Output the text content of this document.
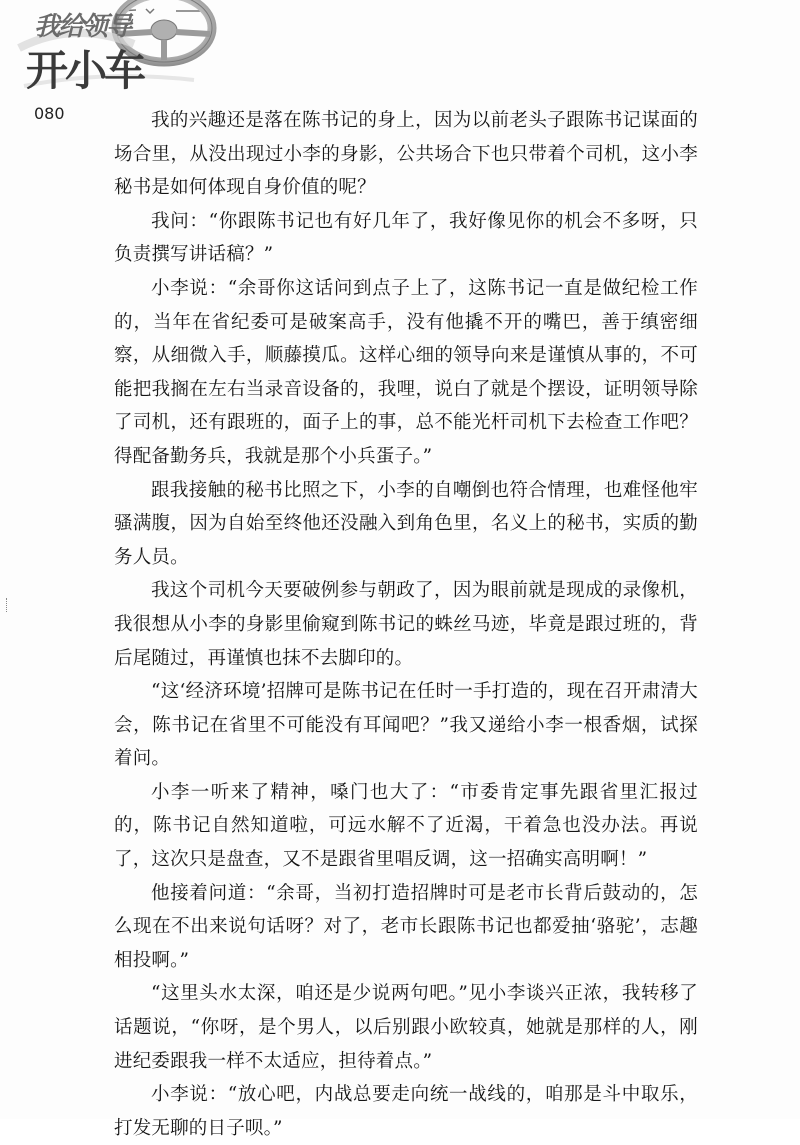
我给领导
开小车
080	我的兴趣还是落在陈书记的身上，因为以前老头子跟陈书记谋面的场合里，从没出现过小李的身影，公共场合下也只带着个司机，这小李秘书是如何体现自身价值的呢？

我问：“你跟陈书记也有好几年了，我好像见你的机会不多呀，只负责撰写讲话稿？”

小李说：“余哥你这话问到点子上了，这陈书记一直是做纪检工作的，当年在省纪委可是破案高手，没有他撬不开的嘴巴，善于缜密细察，从细微入手，顺藤摸瓜。这样心细的领导向来是谨慎从事的，不可能把我搁在左右当录音设备的，我哩，说白了就是个摆设，证明领导除了司机，还有跟班的，面子上的事，总不能光杆司机下去检查工作吧？得配备勤务兵，我就是那个小兵蛋子。”

跟我接触的秘书比照之下，小李的自嘲倒也符合情理，也难怪他牢骚满腹，因为自始至终他还没融入到角色里，名义上的秘书，实质的勤务人员。

我这个司机今天要破例参与朝政了，因为眼前就是现成的录像机，我很想从小李的身影里偷窥到陈书记的蛛丝马迹，毕竟是跟过班的，背后尾随过，再谨慎也抹不去脚印的。

“这‘经济环境’招牌可是陈书记在任时一手打造的，现在召开肃清大会，陈书记在省里不可能没有耳闻吧？”我又递给小李一根香烟，试探着问。

小李一听来了精神，嗓门也大了：“市委肯定事先跟省里汇报过的，陈书记自然知道啦，可远水解不了近渴，干着急也没办法。再说了，这次只是盘查，又不是跟省里唱反调，这一招确实高明啊！”

他接着问道：“余哥，当初打造招牌时可是老市长背后鼓动的，怎么现在不出来说句话呀？对了，老市长跟陈书记也都爱抽‘骆驼’，志趣相投啊。”

“这里头水太深，咱还是少说两句吧。”见小李谈兴正浓，我转移了话题说，“你呀，是个男人，以后别跟小欧较真，她就是那样的人，刚进纪委跟我一样不太适应，担待着点。”

小李说：“放心吧，内战总要走向统一战线的，咱那是斗中取乐，打发无聊的日子呗。”
